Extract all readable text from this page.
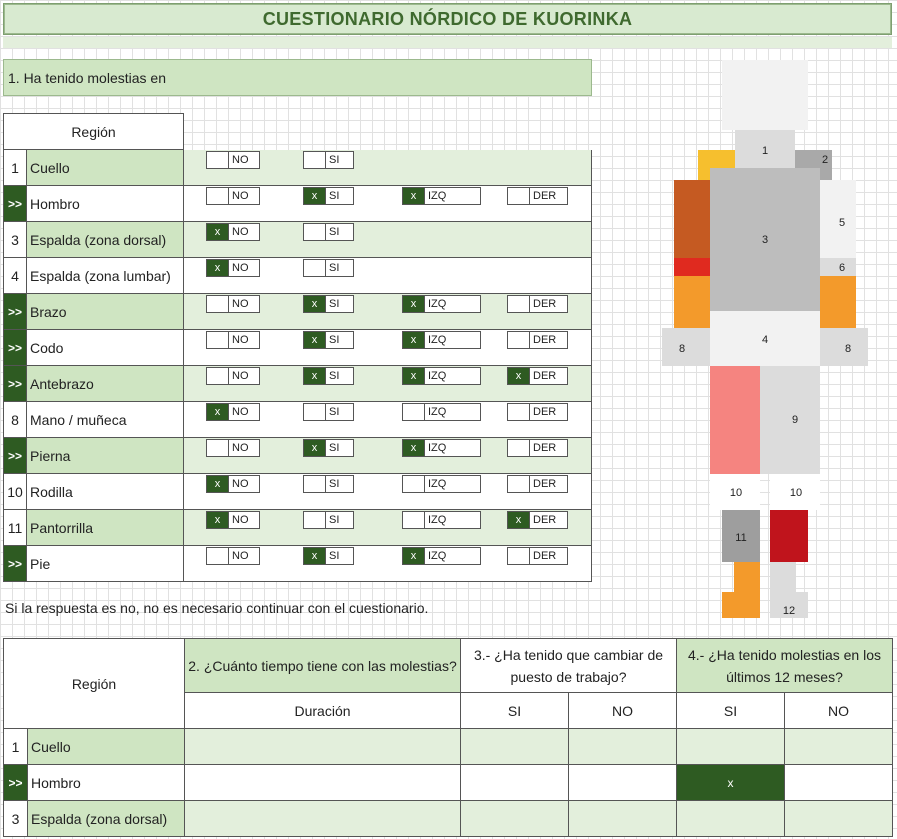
CUESTIONARIO NÓRDICO DE KUORINKA
1. Ha tenido molestias en
Región
1 Cuello	NO	SI
>> Hombro	NO	x	SI	x	IZQ	DER
3 Espalda (zona dorsal)	x	NO	SI
4 Espalda (zona lumbar)	x	NO	SI
>> Brazo	NO	x	SI	x	IZQ	DER
>> Codo	NO	x	SI	x	IZQ	DER
>> Antebrazo	NO	x	SI	x	IZQ	x	DER
8 Mano / muñeca	x	NO	SI	IZQ	DER
>> Pierna	NO	x	SI	x	IZQ	DER
10 Rodilla	x	NO	SI	IZQ	DER
11 Pantorrilla	x	NO	SI	IZQ	x	DER
>> Pie	NO	x	SI	x	IZQ	DER
Si la respuesta es no, no es necesario continuar con el cuestionario.
Región		2. ¿Cuánto tiempo tiene con las molestias?	3.- ¿Ha tenido que cambiar de puesto de trabajo?		4.- ¿Ha tenido molestias en los últimos 12 meses?	
		Duración	SI	NO	SI	NO
1	Cuello					
>>	Hombro				x	
3	Espalda (zona dorsal)					
1
2
3
4
5
6
8	8
9
10	10
11
12
